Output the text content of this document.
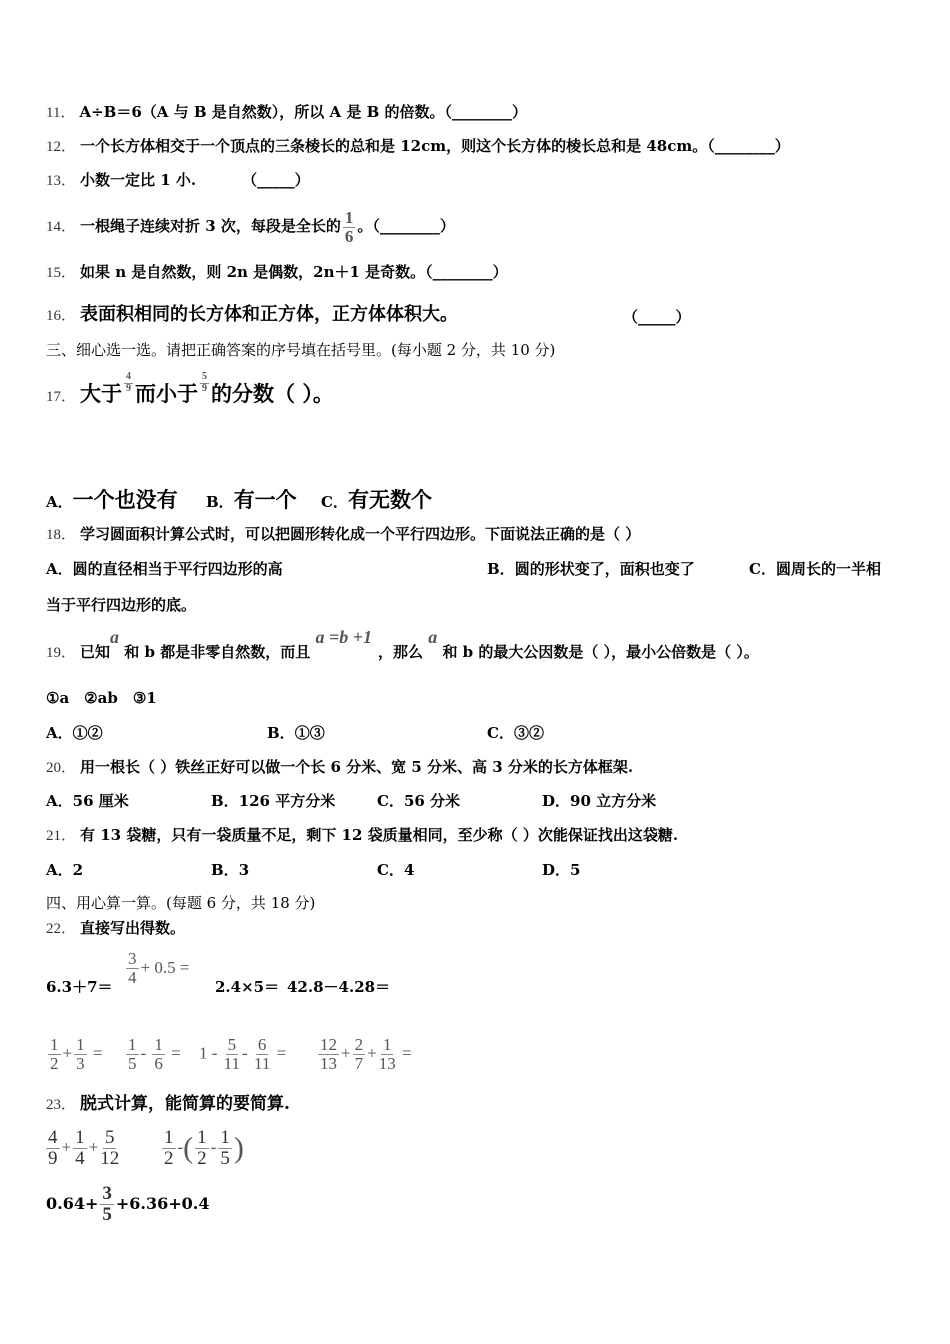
11． A÷B＝6（A 与 B 是自然数），所以 A 是 B 的倍数。（________）
12． 一个长方体相交于一个顶点的三条棱长的总和是 12cm，则这个长方体的棱长总和是 48cm。（________）
13． 小数一定比 1 小.	（_____）
14． 一根绳子连续对折 3 次，每段是全长的 $\frac{1}{6}$ 。（________）
15． 如果 n 是自然数，则 2n 是偶数，2n＋1 是奇数。（________）
16． 表面积相同的长方体和正方体，正方体体积大。	（_____）
三、细心选一选。请把正确答案的序号填在括号里。(每小题 2 分，共 10 分)
17． 大于 $\frac{4}{9}$ 而小于 $\frac{5}{9}$ 的分数（ ）。
A．一个也没有 B．有一个 C．有无数个
18． 学习圆面积计算公式时，可以把圆形转化成一个平行四边形。下面说法正确的是（ ）
A．圆的直径相当于平行四边形的高	B．圆的形状变了，面积也变了	C．圆周长的一半相
当于平行四边形的底。
19． 已知a 和 b 都是非零自然数，而且 a =b +1，那么 a 和 b 的最大公因数是（ ），最小公倍数是（ ）。
①a　②ab　③1
A．①②	B．①③	C．③②
20． 用一根长（ ）铁丝正好可以做一个长 6 分米、宽 5 分米、高 3 分米的长方体框架.
A．56 厘米	B．126 平方分米	C．56 分米	D．90 立方分米
21． 有 13 袋糖，只有一袋质量不足，剩下 12 袋质量相同，至少称（ ）次能保证找出这袋糖.
A．2	B．3	C．4	D．5
四、用心算一算。(每题 6 分，共 18 分)
22． 直接写出得数。
6.3＋7＝
$\frac{3}{4} + 0.5$ =
2.4×5＝ 42.8－4.28＝
$\frac{1}{2} + \frac{1}{3} = \frac{1}{5} - \frac{1}{6} = 1 - \frac{5}{11} - \frac{6}{11} = \frac{12}{13} + \frac{2}{7} + \frac{1}{13}$ =
23． 脱式计算，能简算的要简算.
$\frac{4}{9} + \frac{1}{4} + \frac{5}{12} \frac{1}{2}$ -( $\frac{1}{2} - \frac{1}{5}$ )
$0.64+ \frac{3}{5} +6.36+0.4$
